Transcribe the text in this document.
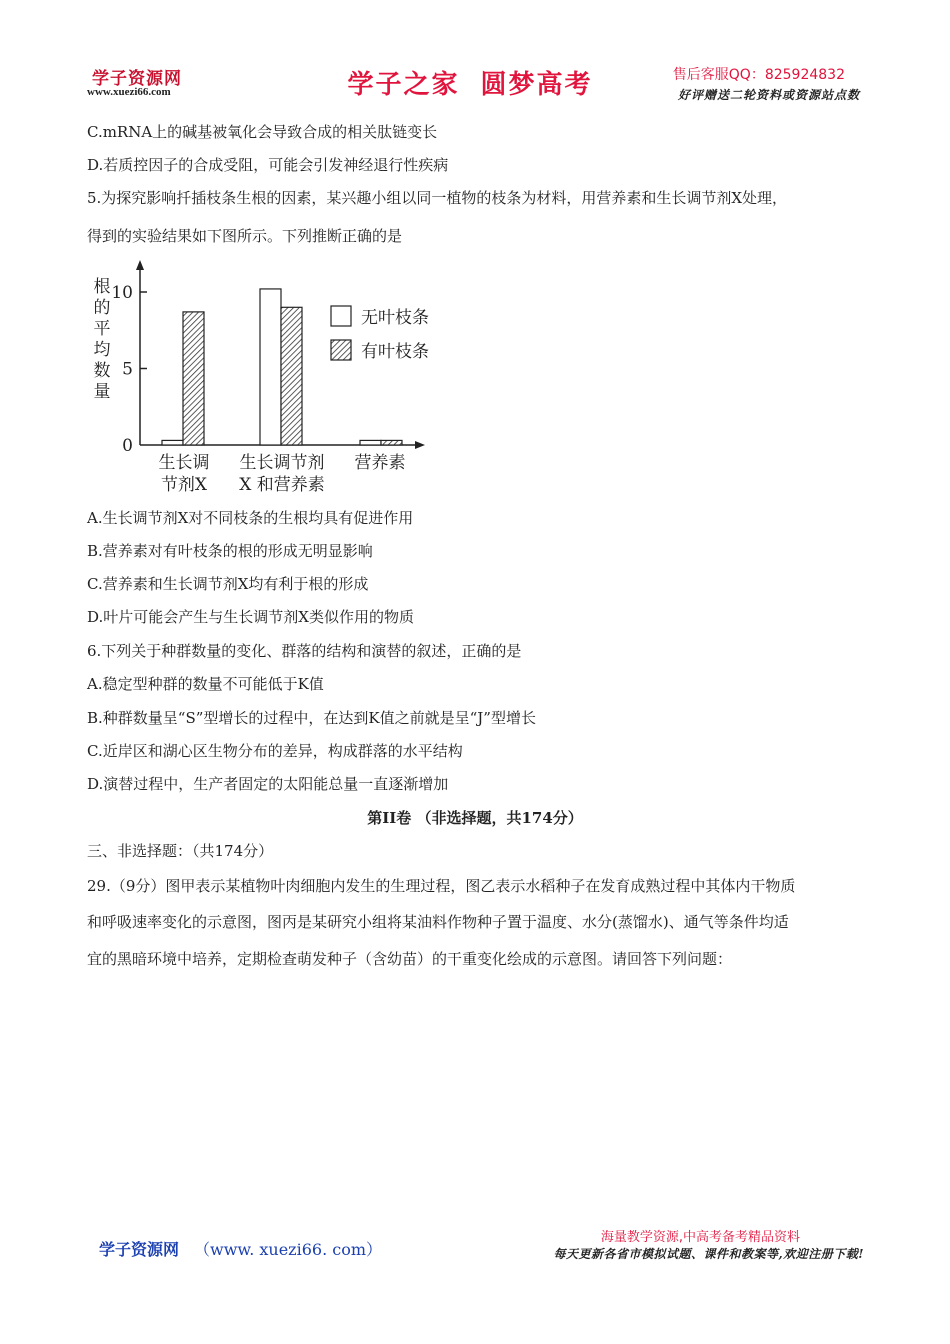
学子资源网
www.xuezi66.com	学子之家 圆梦高考	售后客服QQ：825924832
好评赠送二轮资料或资源站点数
C.mRNA上的碱基被氧化会导致合成的相关肽链变长
D.若质控因子的合成受阻，可能会引发神经退行性疾病
5.为探究影响扦插枝条生根的因素，某兴趣小组以同一植物的枝条为材料，用营养素和生长调节剂X处理，
得到的实验结果如下图所示。下列推断正确的是
根的平均数量
0
5
10
生长调
节剂X
生长调节剂
X 和营养素
营养素
无叶枝条
有叶枝条
A.生长调节剂X对不同枝条的生根均具有促进作用
B.营养素对有叶枝条的根的形成无明显影响
C.营养素和生长调节剂X均有利于根的形成
D.叶片可能会产生与生长调节剂X类似作用的物质
6.下列关于种群数量的变化、群落的结构和演替的叙述，正确的是
A.稳定型种群的数量不可能低于K值
B.种群数量呈“S”型增长的过程中，在达到K值之前就是呈“J”型增长
C.近岸区和湖心区生物分布的差异，构成群落的水平结构
D.演替过程中，生产者固定的太阳能总量一直逐渐增加
第II卷 （非选择题，共174分）
三、非选择题：（共174分）
29.（9分）图甲表示某植物叶肉细胞内发生的生理过程，图乙表示水稻种子在发育成熟过程中其体内干物质
和呼吸速率变化的示意图，图丙是某研究小组将某油料作物种子置于温度、水分(蒸馏水)、通气等条件均适
宜的黑暗环境中培养，定期检查萌发种子（含幼苗）的干重变化绘成的示意图。请回答下列问题：
学子资源网 （www. xuezi66. com）
海量教学资源,中高考备考精品资料
每天更新各省市模拟试题、课件和教案等,欢迎注册下载!
